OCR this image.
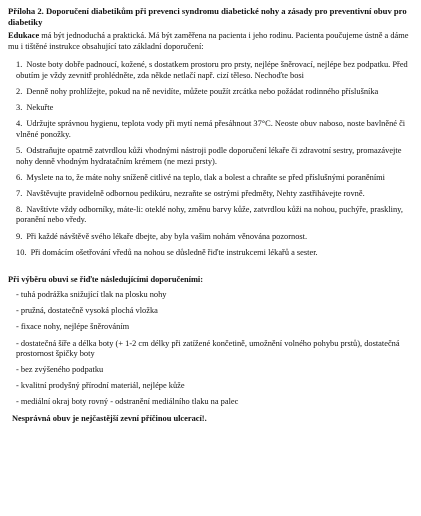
Příloha 2. Doporučení diabetikům při prevenci syndromu diabetické nohy a zásady pro preventivní obuv pro diabetiky
Edukace má být jednoduchá a praktická. Má být zaměřena na pacienta i jeho rodinu. Pacienta poučujeme ústně a dáme mu i tištěné instrukce obsahující tato základní doporučení:
1. Noste boty dobře padnoucí, kožené, s dostatkem prostoru pro prsty, nejlépe šněrovací, nejlépe bez podpatku. Před obutím je vždy zevnitř prohlédněte, zda někde netlačí např. cizí těleso. Nechoďte bosi
2. Denně nohy prohlížejte, pokud na ně nevidíte, můžete použít zrcátka nebo požádat rodinného příslušníka
3. Nekuřte
4. Udržujte správnou hygienu, teplota vody při mytí nemá přesáhnout 37°C. Neoste obuv naboso, noste bavlněné či vlněné ponožky.
5. Odstraňujte opatrně zatvrdlou kůži vhodnými nástroji podle doporučení lékaře či zdravotní sestry, promazávejte nohy denně vhodným hydratačním krémem (ne mezi prsty).
6. Myslete na to, že máte nohy sníženě citlivé na teplo, tlak a bolest a chraňte se před příslušnými poraněními
7. Navštěvujte pravidelně odbornou pedikúru, nezraňte se ostrými předměty, Nehty zastřihávejte rovně.
8. Navštívte vždy odborníky, máte-li: oteklé nohy, změnu barvy kůže, zatvrdlou kůži na nohou, puchýře, praskliny, poranění nebo vředy.
9. Při každé návštěvě svého lékaře dbejte, aby byla vašim nohám věnována pozornost.
10. Při domácím ošetřování vředů na nohou se důsledně řiďte instrukcemi lékařů a sester.
Při výběru obuvi se řiďte následujícími doporučeními:
- tuhá podrážka snižující tlak na plosku nohy
- pružná, dostatečně vysoká plochá vložka
- fixace nohy, nejlépe šněrováním
- dostatečná šíře a délka boty (+ 1-2 cm délky při zatížené končetině, umožnění volného pohybu prstů), dostatečná prostornost špičky boty
- bez zvýšeného podpatku
- kvalitní prodyšný přírodní materiál, nejlépe kůže
- mediální okraj boty rovný - odstranění mediálního tlaku na palec
Nesprávná obuv je nejčastější zevní příčinou ulcerací!.
